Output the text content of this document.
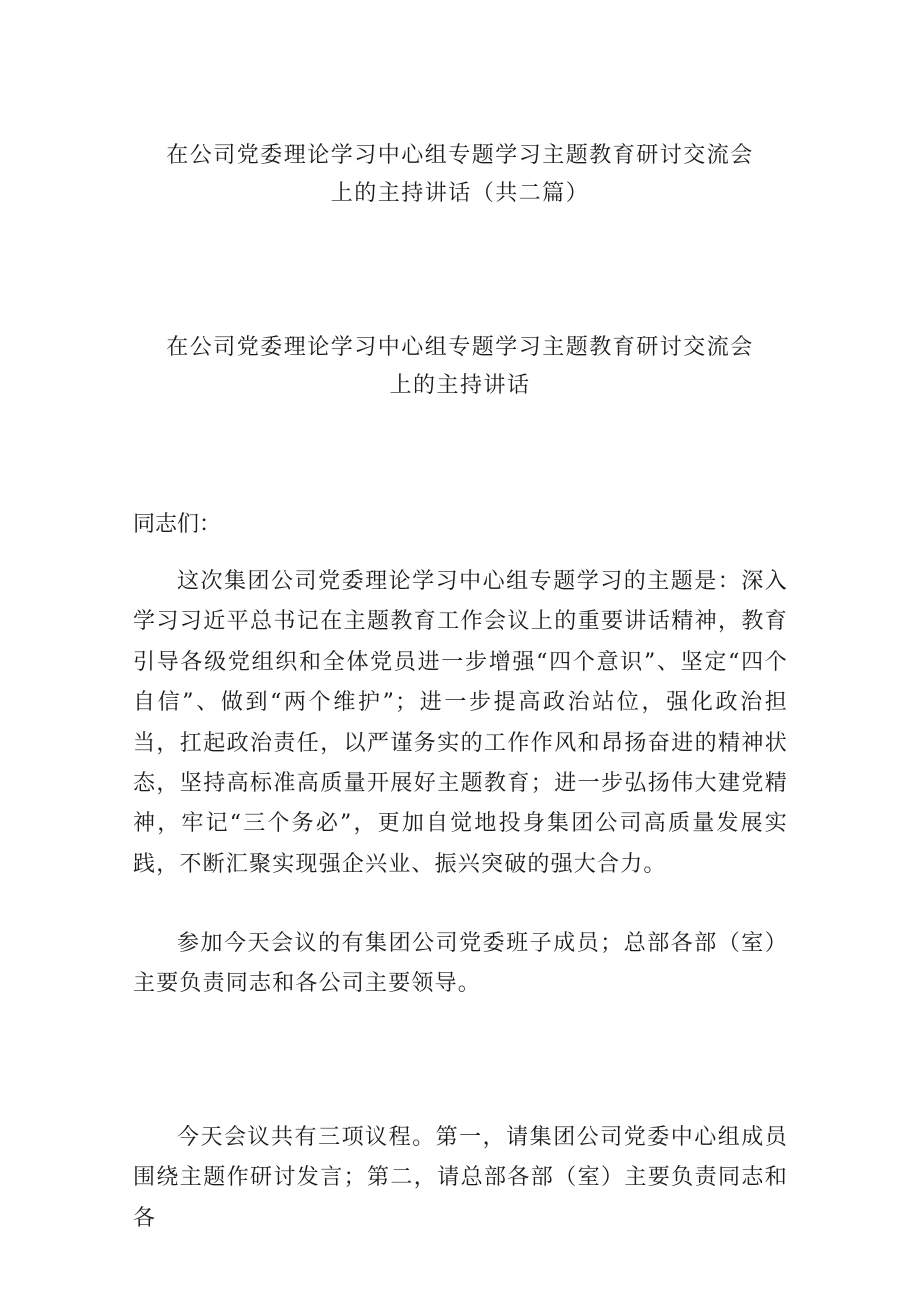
在公司党委理论学习中心组专题学习主题教育研讨交流会
上的主持讲话（共二篇）
在公司党委理论学习中心组专题学习主题教育研讨交流会
上的主持讲话

同志们：

这次集团公司党委理论学习中心组专题学习的主题是：深入学习习近平总书记在主题教育工作会议上的重要讲话精神，教育引导各级党组织和全体党员进一步增强“四个意识”、坚定“四个自信”、做到“两个维护”；进一步提高政治站位，强化政治担当，扛起政治责任，以严谨务实的工作作风和昂扬奋进的精神状态，坚持高标准高质量开展好主题教育；进一步弘扬伟大建党精神，牢记“三个务必”，更加自觉地投身集团公司高质量发展实践，不断汇聚实现强企兴业、振兴突破的强大合力。

参加今天会议的有集团公司党委班子成员；总部各部（室）主要负责同志和各公司主要领导。

今天会议共有三项议程。第一，请集团公司党委中心组成员围绕主题作研讨发言；第二，请总部各部（室）主要负责同志和各
